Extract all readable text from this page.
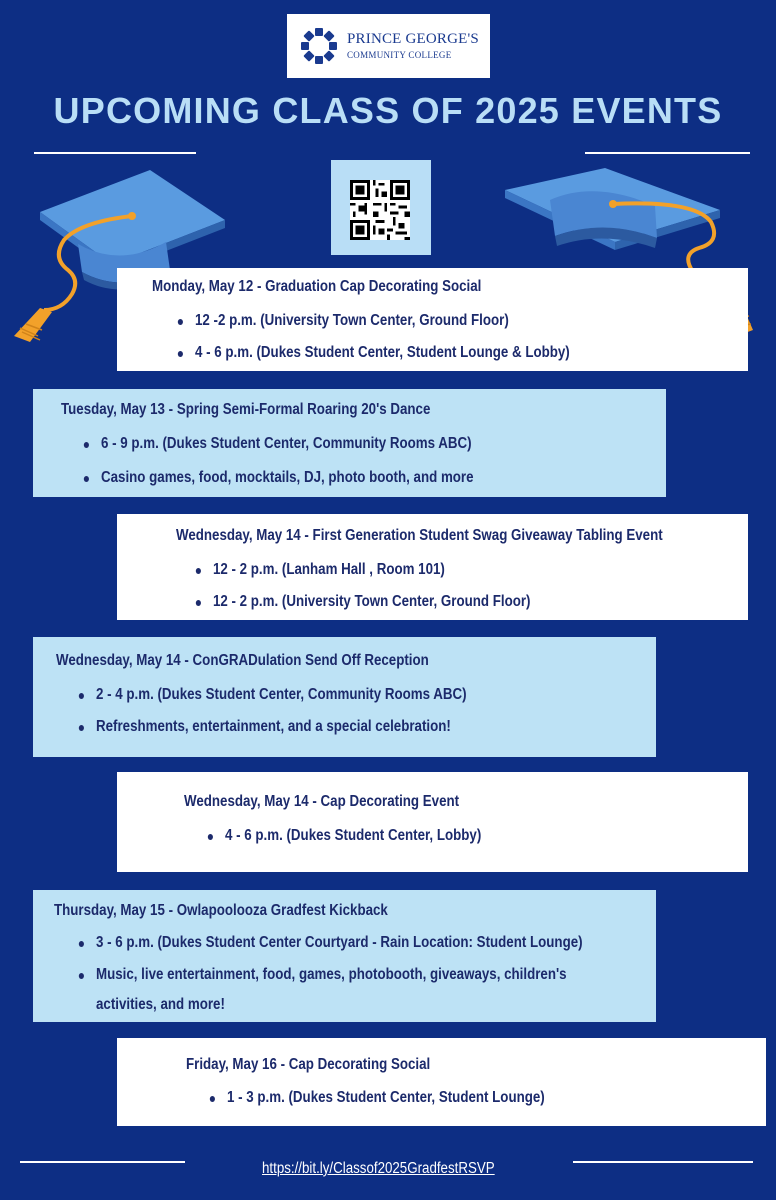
PRINCE GEORGE'S
COMMUNITY COLLEGE
UPCOMING CLASS OF 2025 EVENTS
Monday, May 12 - Graduation Cap Decorating Social
12 -2 p.m. (University Town Center, Ground Floor)
4 - 6 p.m. (Dukes Student Center, Student Lounge & Lobby)
Tuesday, May 13 - Spring Semi-Formal Roaring 20's Dance
6 - 9 p.m. (Dukes Student Center, Community Rooms ABC)
Casino games, food, mocktails, DJ, photo booth, and more
Wednesday, May 14 - First Generation Student Swag Giveaway Tabling Event
12 - 2 p.m. (Lanham Hall , Room 101)
12 - 2 p.m. (University Town Center, Ground Floor)
Wednesday, May 14 - ConGRADulation Send Off Reception
2 - 4 p.m. (Dukes Student Center, Community Rooms ABC)
Refreshments, entertainment, and a special celebration!
Wednesday, May 14 - Cap Decorating Event
4 - 6 p.m. (Dukes Student Center, Lobby)
Thursday, May 15 - Owlapoolooza Gradfest Kickback
3 - 6 p.m. (Dukes Student Center Courtyard - Rain Location: Student Lounge)
Music, live entertainment, food, games, photobooth, giveaways, children's
activities, and more!
Friday, May 16 - Cap Decorating Social
1 - 3 p.m. (Dukes Student Center, Student Lounge)
https://bit.ly/Classof2025GradfestRSVP
